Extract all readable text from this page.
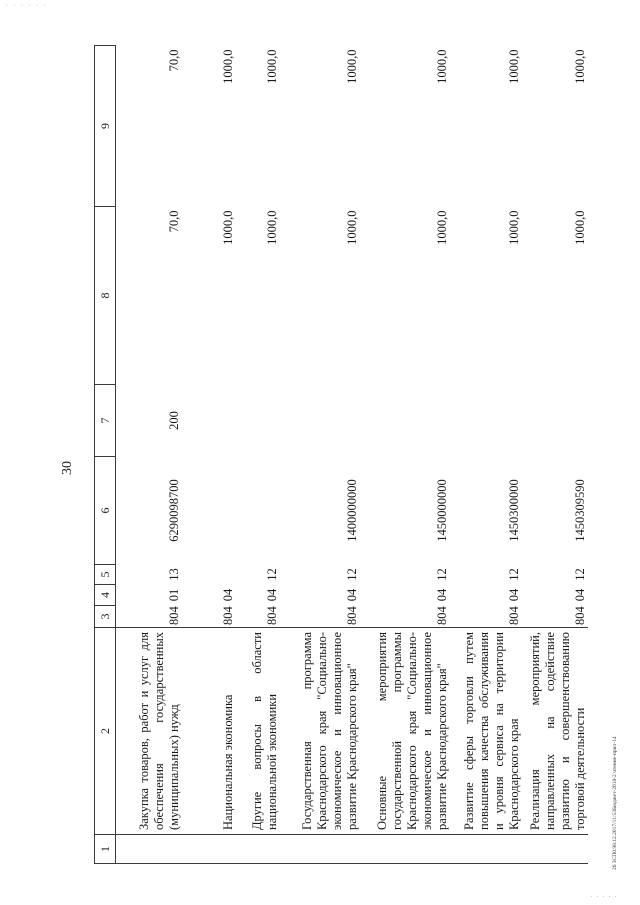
· · · · · ·
30
1	2	3	4	5	6	7	8	9
	Закупка товаров, работ и услуг для обеспечения государственных (муниципальных) нужд	804	01	13	6290098700	200	70,0	70,0
	Национальная экономика	804	04				1000,0	1000,0
	Другие вопросы в области национальной экономики	804	04	12			1000,0	1000,0
	Государственная программа Краснодарского края "Социально-экономическое и инновационное развитие Краснодарского края"	804	04	12	1400000000		1000,0	1000,0
	Основные мероприятия государственной программы Краснодарского края "Социально-экономическое и инновационное развитие Краснодарского края"	804	04	12	1450000000		1000,0	1000,0
	Развитие сферы торговли путем повышения качества обслуживания и уровня сервиса на территории Краснодарского края	804	04	12	1450300000		1000,0	1000,0
	Реализация мероприятий, направленных на содействие развитию и совершенствованию торговой деятельности	804	04	12	1450309590		1000,0	1000,0
26 ЗСП0.98.12.2017/11:53Бюджет-2018-2 чтение-прил-14
· · · · ·
